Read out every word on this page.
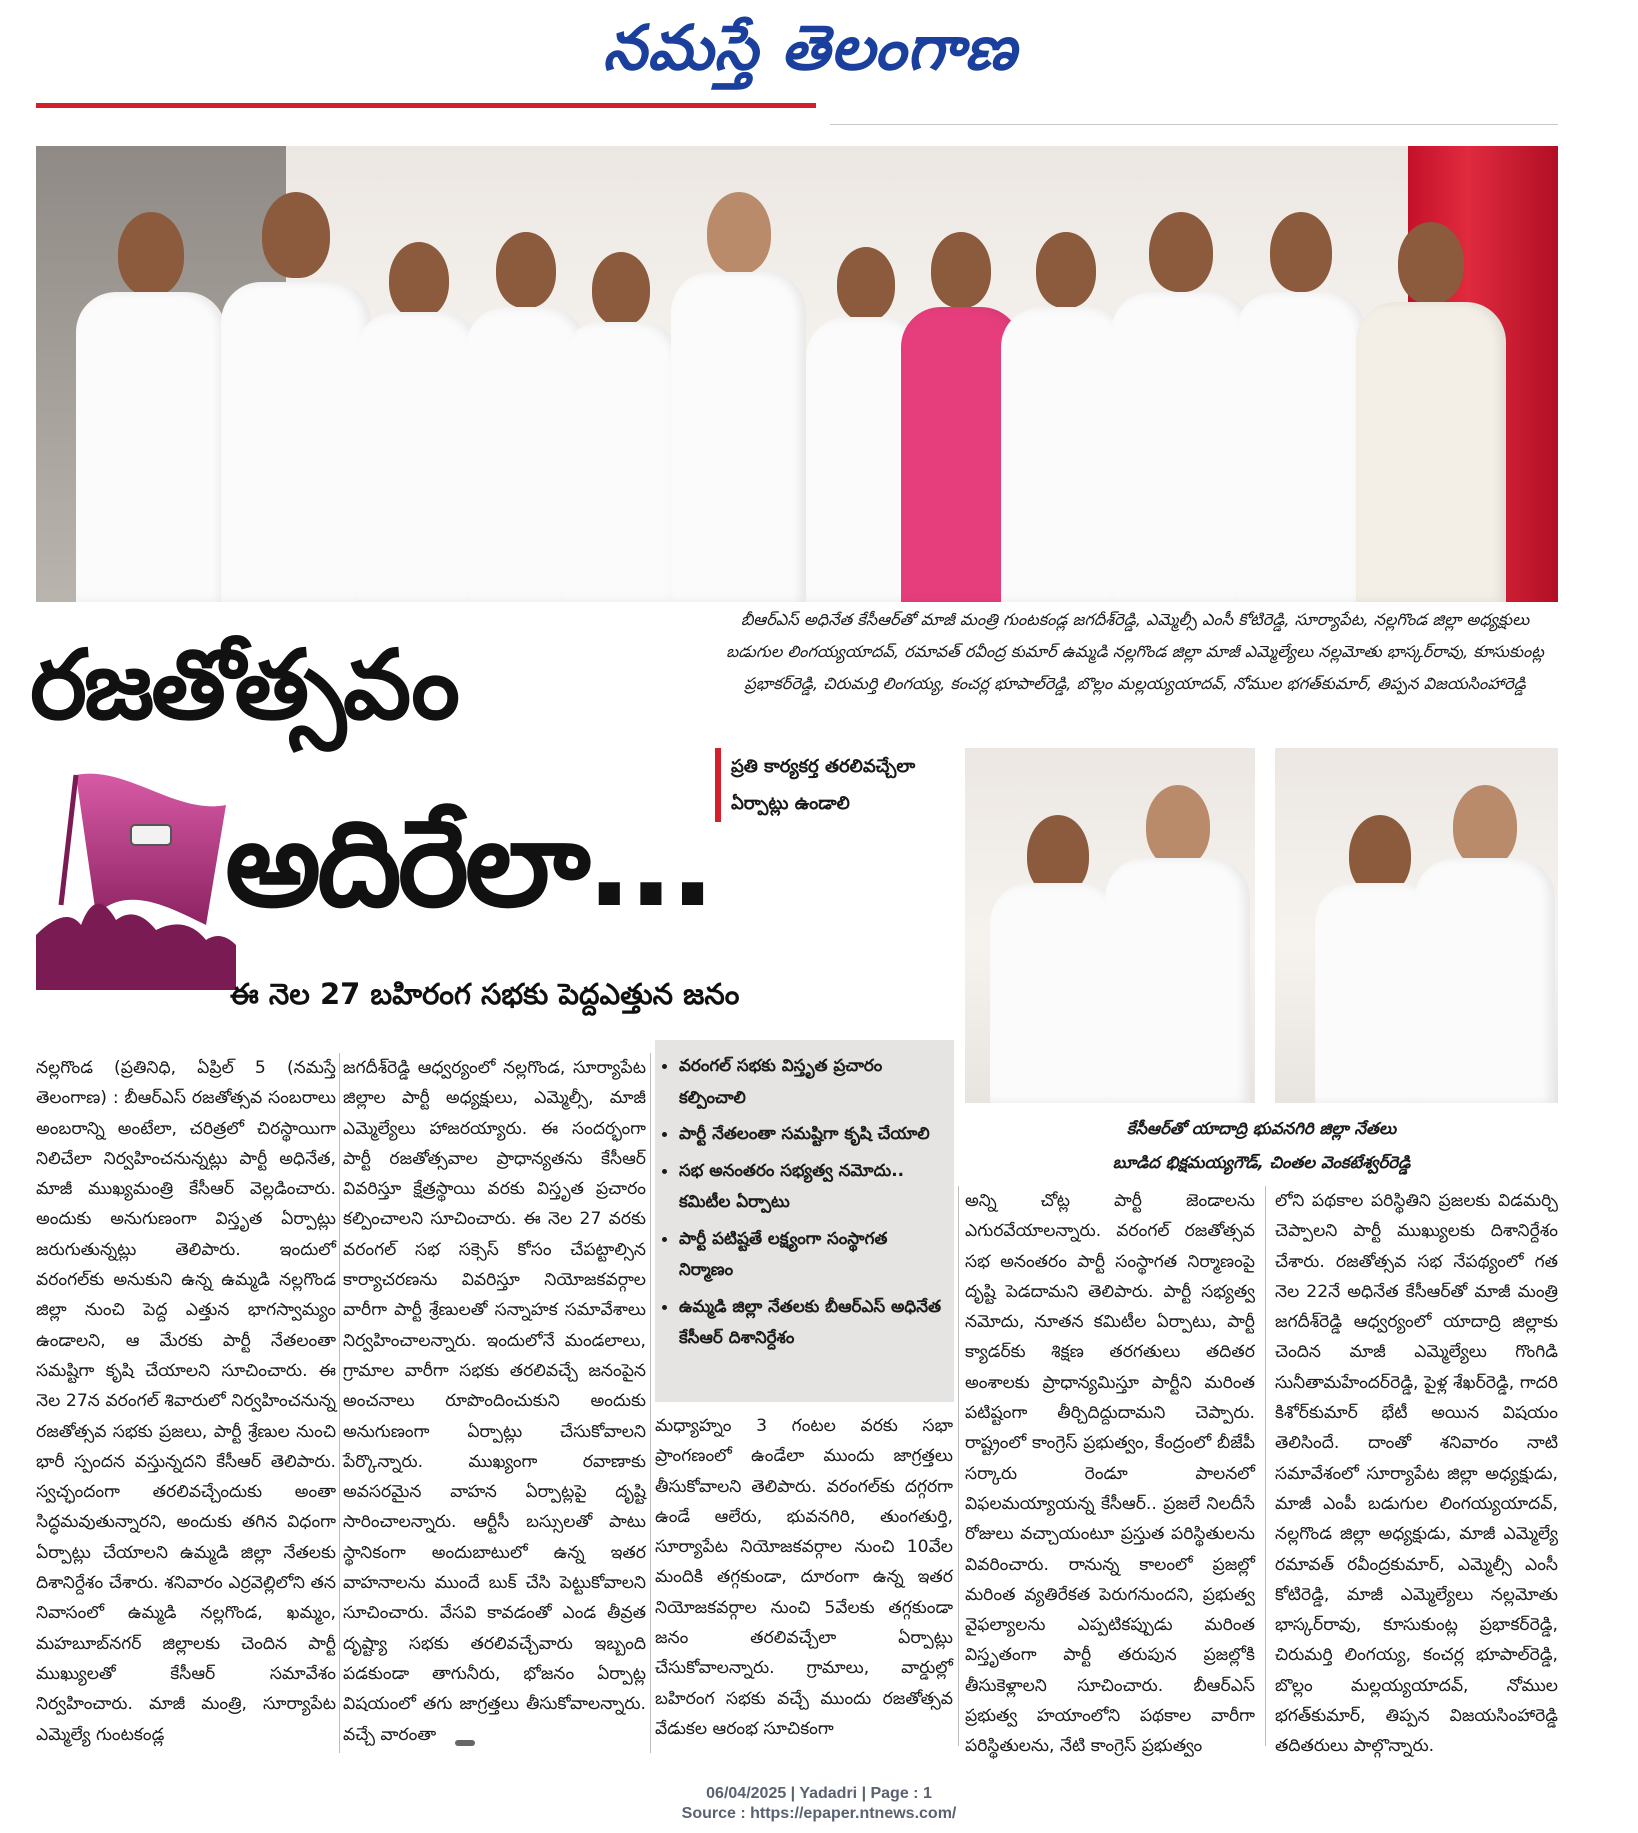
నమస్తే తెలంగాణ
బీఆర్ఎస్ అధినేత కేసీఆర్‌తో మాజీ మంత్రి గుంటకండ్ల జగదీశ్‌రెడ్డి, ఎమ్మెల్సీ ఎంసీ కోటిరెడ్డి, సూర్యాపేట, నల్లగొండ జిల్లా అధ్యక్షులు బడుగుల లింగయ్యయాదవ్, రమావత్ రవీంద్ర కుమార్ ఉమ్మడి నల్లగొండ జిల్లా మాజీ ఎమ్మెల్యేలు నల్లమోతు భాస్కర్‌రావు, కూసుకుంట్ల ప్రభాకర్‌రెడ్డి, చిరుమర్తి లింగయ్య, కంచర్ల భూపాల్‌రెడ్డి, బొల్లం మల్లయ్యయాదవ్, నోముల భగత్‌కుమార్, తిప్పన విజయసింహారెడ్డి
రజతోత్సవం
అదిరేలా...
ఈ నెల 27 బహిరంగ సభకు పెద్దఎత్తున జనం
ప్రతి కార్యకర్త తరలివచ్చేలా ఏర్పాట్లు ఉండాలి
కేసీఆర్‌తో యాదాద్రి భువనగిరి జిల్లా నేతలు
బూడిద భిక్షమయ్యగౌడ్, చింతల వెంకటేశ్వర్‌రెడ్డి
• వరంగల్ సభకు విస్తృత ప్రచారం కల్పించాలి
• పార్టీ నేతలంతా సమష్టిగా కృషి చేయాలి
• సభ అనంతరం సభ్యత్వ నమోదు.. కమిటీల ఏర్పాటు
• పార్టీ పటిష్టతే లక్ష్యంగా సంస్థాగత నిర్మాణం
• ఉమ్మడి జిల్లా నేతలకు బీఆర్ఎస్ అధినేత కేసీఆర్ దిశానిర్దేశం

నల్లగొండ (ప్రతినిధి, ఏప్రిల్ 5 (నమస్తే తెలంగాణ) : బీఆర్ఎస్ రజతోత్సవ సంబరాలు అంబరాన్ని అంటేలా, చరిత్రలో చిరస్థాయిగా నిలిచేలా నిర్వహించనున్నట్లు పార్టీ అధినేత, మాజీ ముఖ్యమంత్రి కేసీఆర్ వెల్లడించారు. అందుకు అనుగుణంగా విస్తృత ఏర్పాట్లు జరుగుతున్నట్లు తెలిపారు. ఇందులో వరంగల్‌కు అనుకుని ఉన్న ఉమ్మడి నల్లగొండ జిల్లా నుంచి పెద్ద ఎత్తున భాగస్వామ్యం ఉండాలని, ఆ మేరకు పార్టీ నేతలంతా సమష్టిగా కృషి చేయాలని సూచించారు. ఈ నెల 27న వరంగల్ శివారులో నిర్వహించనున్న రజతోత్సవ సభకు ప్రజలు, పార్టీ శ్రేణుల నుంచి భారీ స్పందన వస్తున్నదని కేసీఆర్ తెలిపారు. స్వచ్ఛందంగా తరలివచ్చేందుకు అంతా సిద్ధమవుతున్నారని, అందుకు తగిన విధంగా ఏర్పాట్లు చేయాలని ఉమ్మడి జిల్లా నేతలకు దిశానిర్దేశం చేశారు. శనివారం ఎర్రవెల్లిలోని తన నివాసంలో ఉమ్మడి నల్లగొండ, ఖమ్మం, మహబూబ్‌నగర్ జిల్లాలకు చెందిన పార్టీ ముఖ్యులతో కేసీఆర్ సమావేశం నిర్వహించారు. మాజీ మంత్రి, సూర్యాపేట ఎమ్మెల్యే గుంటకండ్ల

జగదీశ్‌రెడ్డి ఆధ్వర్యంలో నల్లగొండ, సూర్యాపేట జిల్లాల పార్టీ అధ్యక్షులు, ఎమ్మెల్సీ, మాజీ ఎమ్మెల్యేలు హాజరయ్యారు. ఈ సందర్భంగా పార్టీ రజతోత్సవాల ప్రాధాన్యతను కేసీఆర్ వివరిస్తూ క్షేత్రస్థాయి వరకు విస్తృత ప్రచారం కల్పించాలని సూచించారు. ఈ నెల 27 వరకు వరంగల్ సభ సక్సెస్ కోసం చేపట్టాల్సిన కార్యాచరణను వివరిస్తూ నియోజకవర్గాల వారీగా పార్టీ శ్రేణులతో సన్నాహక సమావేశాలు నిర్వహించాలన్నారు. ఇందులోనే మండలాలు, గ్రామాల వారీగా సభకు తరలివచ్చే జనంపైన అంచనాలు రూపొందించుకుని అందుకు అనుగుణంగా ఏర్పాట్లు చేసుకోవాలని పేర్కొన్నారు. ముఖ్యంగా రవాణాకు అవసరమైన వాహన ఏర్పాట్లపై దృష్టి సారించాలన్నారు. ఆర్టీసీ బస్సులతో పాటు స్థానికంగా అందుబాటులో ఉన్న ఇతర వాహనాలను ముందే బుక్ చేసి పెట్టుకోవాలని సూచించారు. వేసవి కావడంతో ఎండ తీవ్రత దృష్ట్యా సభకు తరలివచ్చేవారు ఇబ్బంది పడకుండా తాగునీరు, భోజనం ఏర్పాట్ల విషయంలో తగు జాగ్రత్తలు తీసుకోవాలన్నారు. వచ్చే వారంతా

మధ్యాహ్నం 3 గంటల వరకు సభా ప్రాంగణంలో ఉండేలా ముందు జాగ్రత్తలు తీసుకోవాలని తెలిపారు. వరంగల్‌కు దగ్గరగా ఉండే ఆలేరు, భువనగిరి, తుంగతుర్తి, సూర్యాపేట నియోజకవర్గాల నుంచి 10వేల మందికి తగ్గకుండా, దూరంగా ఉన్న ఇతర నియోజకవర్గాల నుంచి 5వేలకు తగ్గకుండా జనం తరలివచ్చేలా ఏర్పాట్లు చేసుకోవాలన్నారు. గ్రామాలు, వార్డుల్లో బహిరంగ సభకు వచ్చే ముందు రజతోత్సవ వేడుకల ఆరంభ సూచికంగా

అన్ని చోట్ల పార్టీ జెండాలను ఎగురవేయాలన్నారు. వరంగల్ రజతోత్సవ సభ అనంతరం పార్టీ సంస్థాగత నిర్మాణంపై దృష్టి పెడదామని తెలిపారు. పార్టీ సభ్యత్వ నమోదు, నూతన కమిటీల ఏర్పాటు, పార్టీ క్యాడర్‌కు శిక్షణ తరగతులు తదితర అంశాలకు ప్రాధాన్యమిస్తూ పార్టీని మరింత పటిష్టంగా తీర్చిదిద్దుదామని చెప్పారు. రాష్ట్రంలో కాంగ్రెస్ ప్రభుత్వం, కేంద్రంలో బీజేపీ సర్కారు రెండూ పాలనలో విఫలమయ్యాయన్న కేసీఆర్.. ప్రజలే నిలదీసే రోజులు వచ్చాయంటూ ప్రస్తుత పరిస్థితులను వివరించారు. రానున్న కాలంలో ప్రజల్లో మరింత వ్యతిరేకత పెరుగనుందని, ప్రభుత్వ వైఫల్యాలను ఎప్పటికప్పుడు మరింత విస్తృతంగా పార్టీ తరుపున ప్రజల్లోకి తీసుకెళ్లాలని సూచించారు. బీఆర్ఎస్ ప్రభుత్వ హయాంలోని పథకాల వారీగా పరిస్థితులను, నేటి కాంగ్రెస్ ప్రభుత్వం

లోని పథకాల పరిస్థితిని ప్రజలకు విడమర్చి చెప్పాలని పార్టీ ముఖ్యులకు దిశానిర్దేశం చేశారు. రజతోత్సవ సభ నేపథ్యంలో గత నెల 22నే అధినేత కేసీఆర్‌తో మాజీ మంత్రి జగదీశ్‌రెడ్డి ఆధ్వర్యంలో యాదాద్రి జిల్లాకు చెందిన మాజీ ఎమ్మెల్యేలు గొంగిడి సునీతామహేందర్‌రెడ్డి, పైళ్ల శేఖర్‌రెడ్డి, గాదరి కిశోర్‌కుమార్ భేటీ అయిన విషయం తెలిసిందే. దాంతో శనివారం నాటి సమావేశంలో సూర్యాపేట జిల్లా అధ్యక్షుడు, మాజీ ఎంపీ బడుగుల లింగయ్యయాదవ్, నల్లగొండ జిల్లా అధ్యక్షుడు, మాజీ ఎమ్మెల్యే రమావత్ రవీంద్రకుమార్, ఎమ్మెల్సీ ఎంసీ కోటిరెడ్డి, మాజీ ఎమ్మెల్యేలు నల్లమోతు భాస్కర్‌రావు, కూసుకుంట్ల ప్రభాకర్‌రెడ్డి, చిరుమర్తి లింగయ్య, కంచర్ల భూపాల్‌రెడ్డి, బొల్లం మల్లయ్యయాదవ్, నోముల భగత్‌కుమార్, తిప్పన విజయసింహారెడ్డి తదితరులు పాల్గొన్నారు.

06/04/2025 | Yadadri | Page : 1
Source : https://epaper.ntnews.com/
